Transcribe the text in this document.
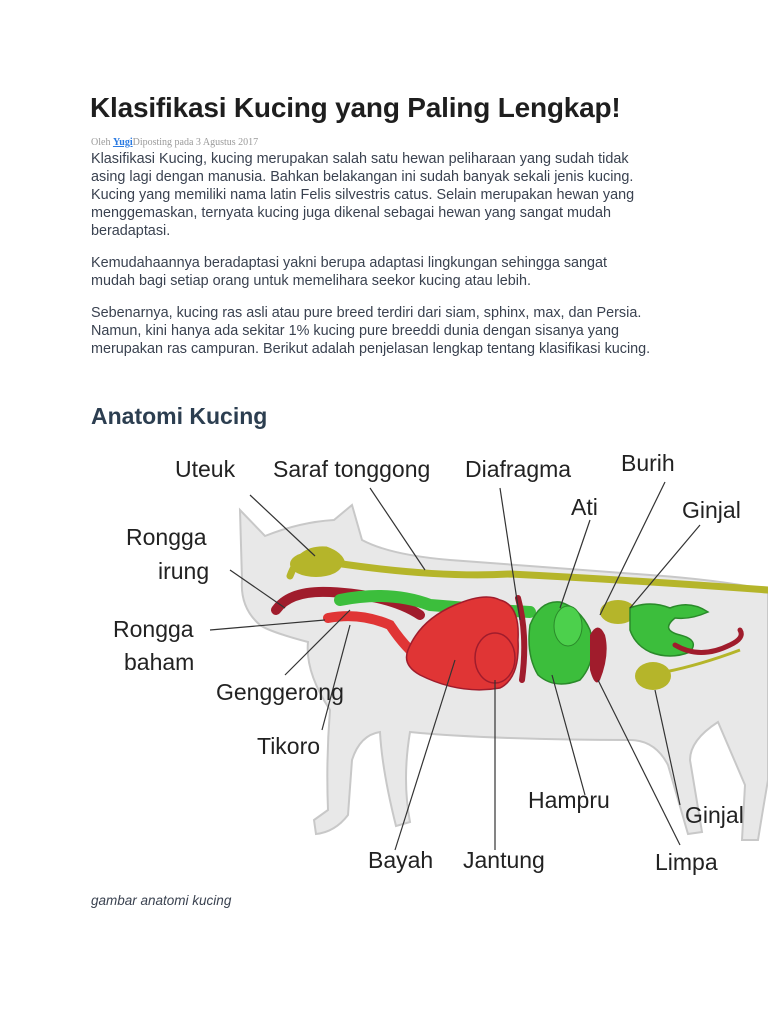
Klasifikasi Kucing yang Paling Lengkap!
Oleh YugiDiposting pada 3 Agustus 2017

Klasifikasi Kucing, kucing merupakan salah satu hewan peliharaan yang sudah tidak
asing lagi dengan manusia. Bahkan belakangan ini sudah banyak sekali jenis kucing.
Kucing yang memiliki nama latin Felis silvestris catus. Selain merupakan hewan yang
menggemaskan, ternyata kucing juga dikenal sebagai hewan yang sangat mudah
beradaptasi.

Kemudahaannya beradaptasi yakni berupa adaptasi lingkungan sehingga sangat
mudah bagi setiap orang untuk memelihara seekor kucing atau lebih.

Sebenarnya, kucing ras asli atau pure breed terdiri dari siam, sphinx, max, dan Persia.
Namun, kini hanya ada sekitar 1% kucing pure breeddi dunia dengan sisanya yang
merupakan ras campuran. Berikut adalah penjelasan lengkap tentang klasifikasi kucing.

Anatomi Kucing
Uteuk Saraf tonggong Diafragma Burih
Ati	Ginjal
Rongga
irung
Rongga
baham
Genggerong
Tikoro
Hampru
Ginjal
Bayah Jantung	Limpa

gambar anatomi kucing
